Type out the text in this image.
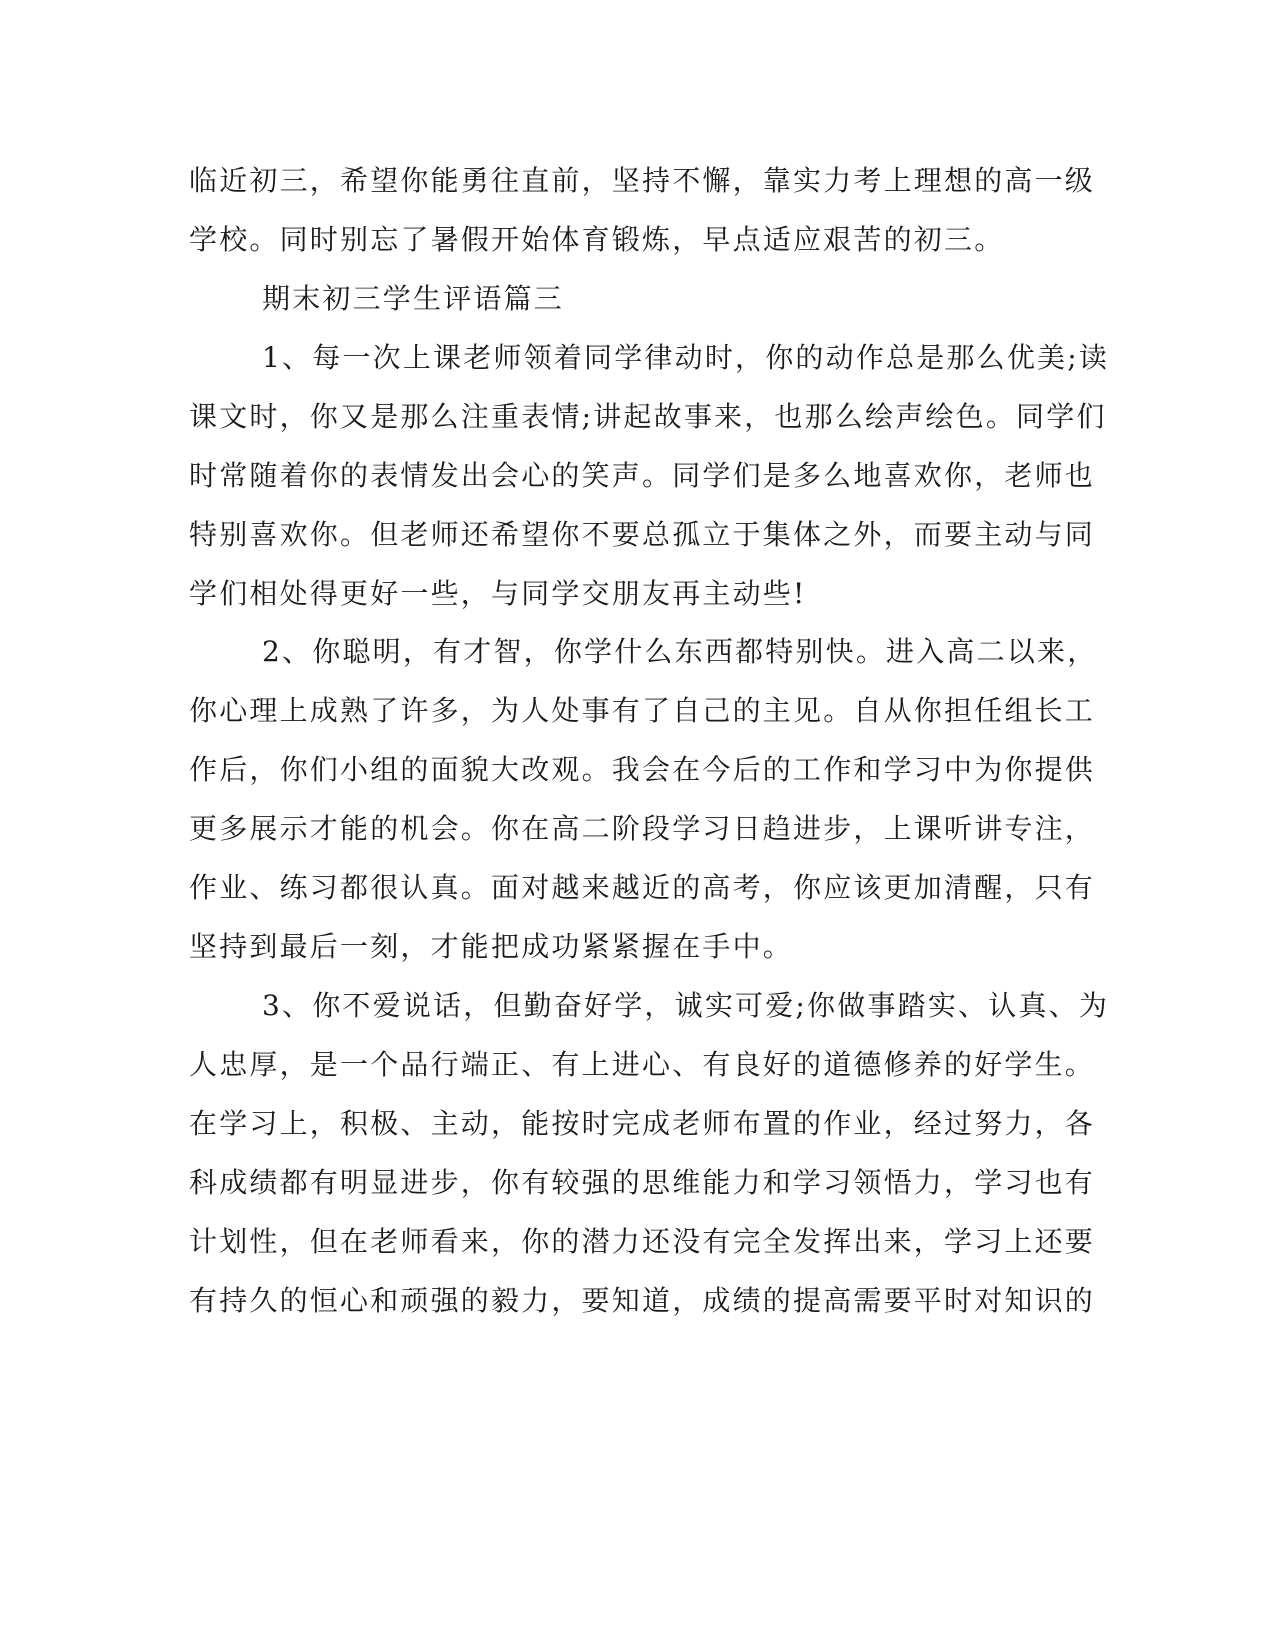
临近初三，希望你能勇往直前，坚持不懈，靠实力考上理想的高一级
学校。同时别忘了暑假开始体育锻炼，早点适应艰苦的初三。
期末初三学生评语篇三
1、每一次上课老师领着同学律动时，你的动作总是那么优美;读
课文时，你又是那么注重表情;讲起故事来，也那么绘声绘色。同学们
时常随着你的表情发出会心的笑声。同学们是多么地喜欢你，老师也
特别喜欢你。但老师还希望你不要总孤立于集体之外，而要主动与同
学们相处得更好一些，与同学交朋友再主动些!
2、你聪明，有才智，你学什么东西都特别快。进入高二以来，
你心理上成熟了许多，为人处事有了自己的主见。自从你担任组长工
作后，你们小组的面貌大改观。我会在今后的工作和学习中为你提供
更多展示才能的机会。你在高二阶段学习日趋进步，上课听讲专注，
作业、练习都很认真。面对越来越近的高考，你应该更加清醒，只有
坚持到最后一刻，才能把成功紧紧握在手中。
3、你不爱说话，但勤奋好学，诚实可爱;你做事踏实、认真、为
人忠厚，是一个品行端正、有上进心、有良好的道德修养的好学生。
在学习上，积极、主动，能按时完成老师布置的作业，经过努力，各
科成绩都有明显进步，你有较强的思维能力和学习领悟力，学习也有
计划性，但在老师看来，你的潜力还没有完全发挥出来，学习上还要
有持久的恒心和顽强的毅力，要知道，成绩的提高需要平时对知识的
